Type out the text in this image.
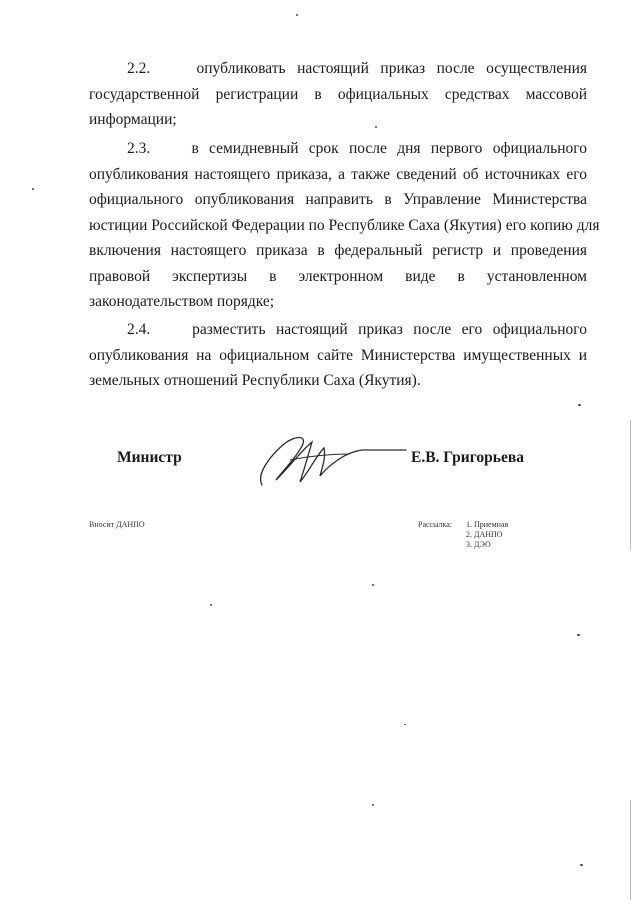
2.2.	опубликовать настоящий приказ после осуществления
государственной регистрации в официальных средствах массовой
информации;
2.3.	в семидневный срок после дня первого официального
опубликования настоящего приказа, а также сведений об источниках его
официального опубликования направить в Управление Министерства
юстиции Российской Федерации по Республике Саха (Якутия) его копию для
включения настоящего приказа в федеральный регистр и проведения
правовой экспертизы в электронном виде в установленном
законодательством порядке;
2.4.	разместить настоящий приказ после его официального
опубликования на официальном сайте Министерства имущественных и
земельных отношений Республики Саха (Якутия).
Министр	Е.В. Григорьева
Вносит ДАНПО	Рассылка: 1. Приемная
2. ДАНПО
3. ДЭО
